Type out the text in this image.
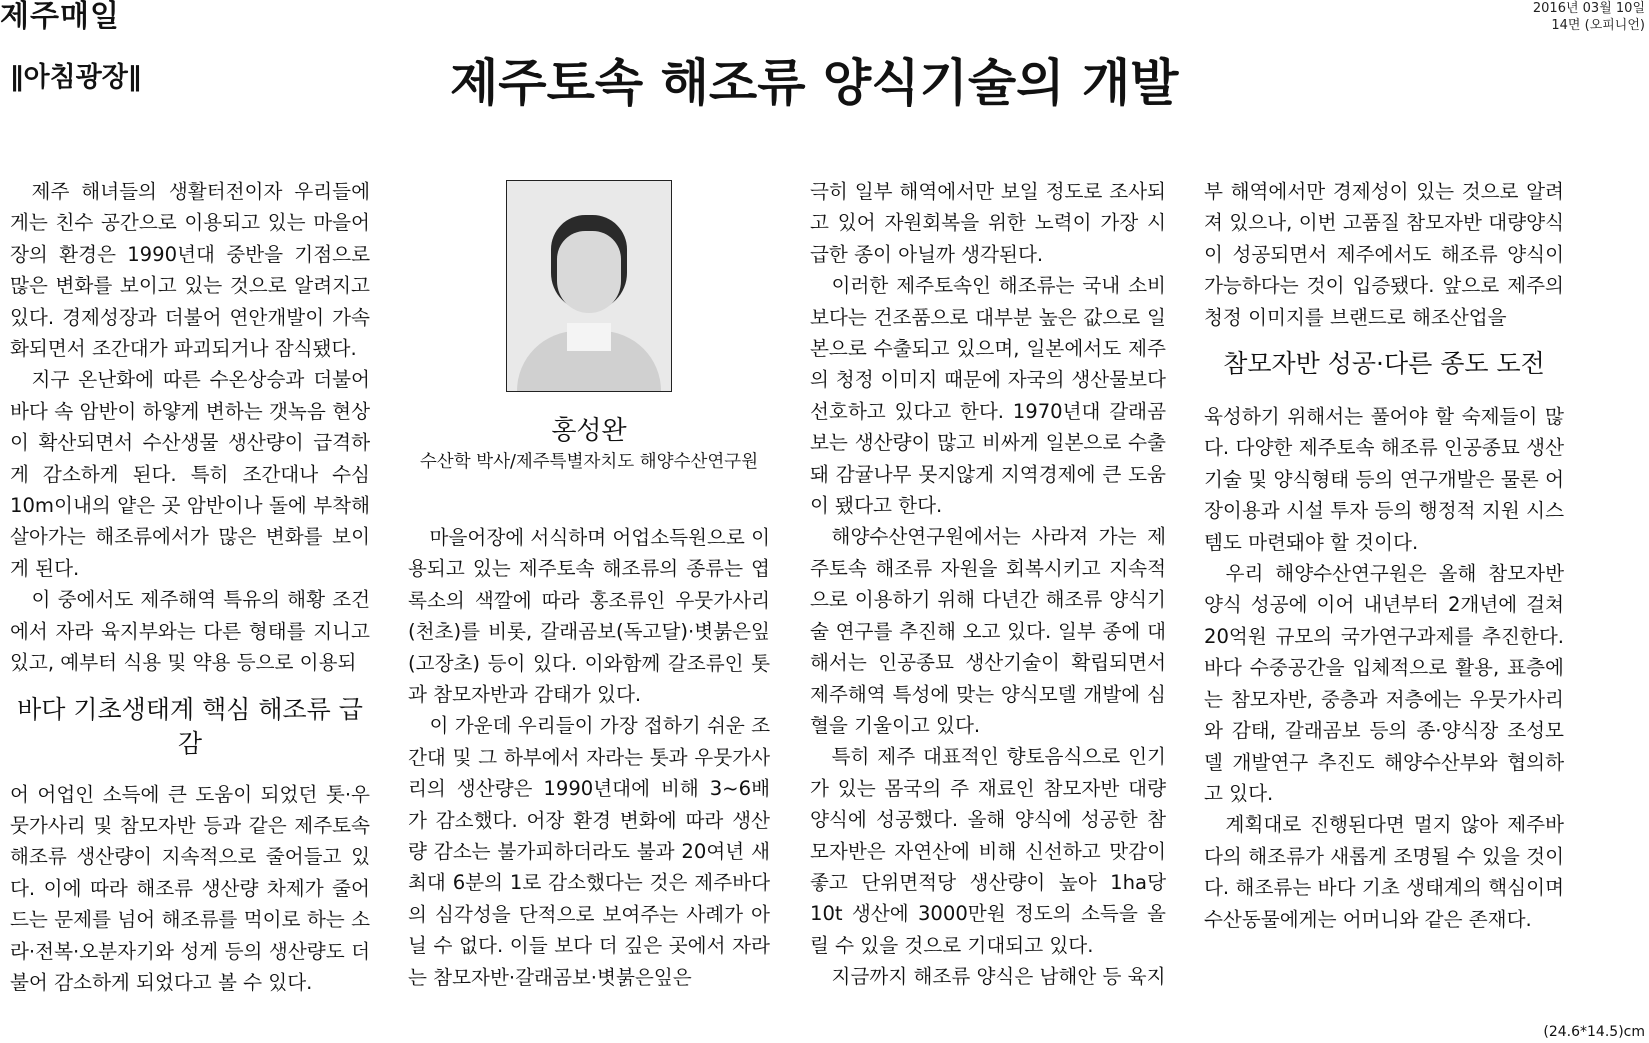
제주매일	2016년 03월 10일
14면 (오피니언)
∥아침광장∥	제주토속 해조류 양식기술의 개발

제주 해녀들의 생활터전이자 우리들에게는 친수 공간으로 이용되고 있는 마을어장의 환경은 1990년대 중반을 기점으로 많은 변화를 보이고 있는 것으로 알려지고 있다. 경제성장과 더불어 연안개발이 가속화되면서 조간대가 파괴되거나 잠식됐다.

지구 온난화에 따른 수온상승과 더불어 바다 속 암반이 하얗게 변하는 갯녹음 현상이 확산되면서 수산생물 생산량이 급격하게 감소하게 된다. 특히 조간대나 수심 10m이내의 얕은 곳 암반이나 돌에 부착해 살아가는 해조류에서가 많은 변화를 보이게 된다.

이 중에서도 제주해역 특유의 해황 조건에서 자라 육지부와는 다른 형태를 지니고 있고, 예부터 식용 및 약용 등으로 이용되

바다 기초생태계 핵심 해조류 급감

어 어업인 소득에 큰 도움이 되었던 톳·우뭇가사리 및 참모자반 등과 같은 제주토속 해조류 생산량이 지속적으로 줄어들고 있다. 이에 따라 해조류 생산량 차제가 줄어드는 문제를 넘어 해조류를 먹이로 하는 소라·전복·오분자기와 성게 등의 생산량도 더불어 감소하게 되었다고 볼 수 있다.

홍성완
수산학 박사/제주특별자치도 해양수산연구원

마을어장에 서식하며 어업소득원으로 이용되고 있는 제주토속 해조류의 종류는 엽록소의 색깔에 따라 홍조류인 우뭇가사리(천초)를 비롯, 갈래곰보(독고달)·볏붉은잎(고장초) 등이 있다. 이와함께 갈조류인 톳과 참모자반과 감태가 있다.

이 가운데 우리들이 가장 접하기 쉬운 조간대 및 그 하부에서 자라는 톳과 우뭇가사리의 생산량은 1990년대에 비해 3~6배가 감소했다. 어장 환경 변화에 따라 생산량 감소는 불가피하더라도 불과 20여년 새 최대 6분의 1로 감소했다는 것은 제주바다의 심각성을 단적으로 보여주는 사례가 아닐 수 없다. 이들 보다 더 깊은 곳에서 자라는 참모자반·갈래곰보·볏붉은잎은

극히 일부 해역에서만 보일 정도로 조사되고 있어 자원회복을 위한 노력이 가장 시급한 종이 아닐까 생각된다.

이러한 제주토속인 해조류는 국내 소비보다는 건조품으로 대부분 높은 값으로 일본으로 수출되고 있으며, 일본에서도 제주의 청정 이미지 때문에 자국의 생산물보다 선호하고 있다고 한다. 1970년대 갈래곰보는 생산량이 많고 비싸게 일본으로 수출돼 감귤나무 못지않게 지역경제에 큰 도움이 됐다고 한다.

해양수산연구원에서는 사라져 가는 제주토속 해조류 자원을 회복시키고 지속적으로 이용하기 위해 다년간 해조류 양식기술 연구를 추진해 오고 있다. 일부 종에 대해서는 인공종묘 생산기술이 확립되면서 제주해역 특성에 맞는 양식모델 개발에 심혈을 기울이고 있다.

특히 제주 대표적인 향토음식으로 인기가 있는 몸국의 주 재료인 참모자반 대량양식에 성공했다. 올해 양식에 성공한 참모자반은 자연산에 비해 신선하고 맛감이 좋고 단위면적당 생산량이 높아 1ha당 10t 생산에 3000만원 정도의 소득을 올릴 수 있을 것으로 기대되고 있다.

지금까지 해조류 양식은 남해안 등 육지

부 해역에서만 경제성이 있는 것으로 알려져 있으나, 이번 고품질 참모자반 대량양식이 성공되면서 제주에서도 해조류 양식이 가능하다는 것이 입증됐다. 앞으로 제주의 청정 이미지를 브랜드로 해조산업을

참모자반 성공·다른 종도 도전

육성하기 위해서는 풀어야 할 숙제들이 많다. 다양한 제주토속 해조류 인공종묘 생산기술 및 양식형태 등의 연구개발은 물론 어장이용과 시설 투자 등의 행정적 지원 시스템도 마련돼야 할 것이다.

우리 해양수산연구원은 올해 참모자반 양식 성공에 이어 내년부터 2개년에 걸쳐 20억원 규모의 국가연구과제를 추진한다. 바다 수중공간을 입체적으로 활용, 표층에는 참모자반, 중층과 저층에는 우뭇가사리와 감태, 갈래곰보 등의 종·양식장 조성모델 개발연구 추진도 해양수산부와 협의하고 있다.

계획대로 진행된다면 멀지 않아 제주바다의 해조류가 새롭게 조명될 수 있을 것이다. 해조류는 바다 기초 생태계의 핵심이며 수산동물에게는 어머니와 같은 존재다.

(24.6*14.5)cm
